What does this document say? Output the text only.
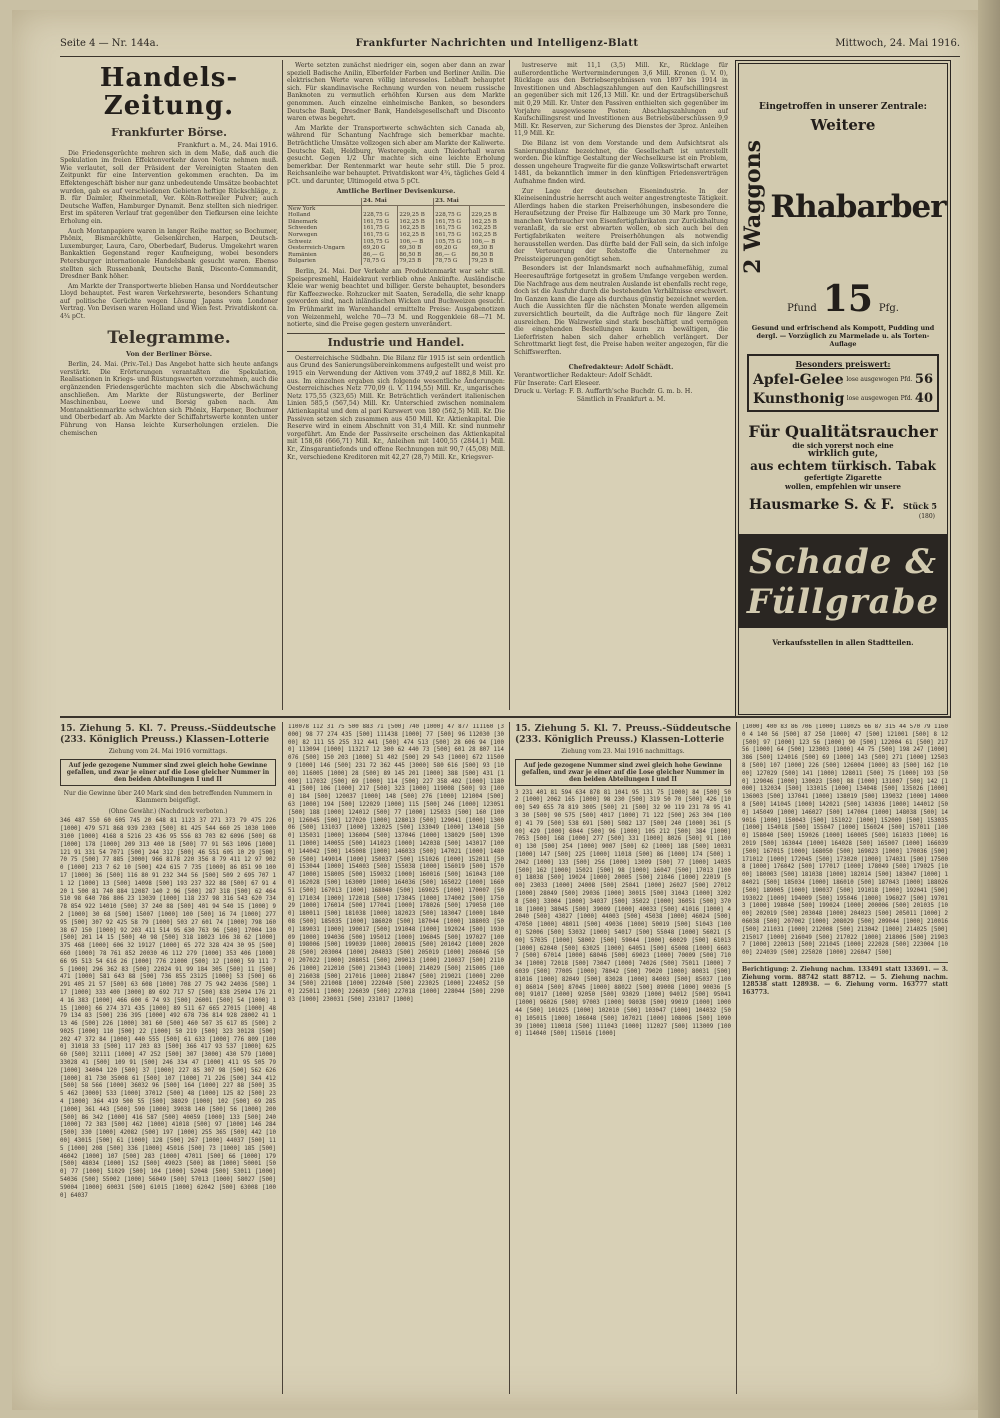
Seite 4 — Nr. 144a.	Frankfurter Nachrichten und Intelligenz-Blatt	Mittwoch, 24. Mai 1916.
Handels-Zeitung.
Frankfurter Börse.
Frankfurt a. M., 24. Mai 1916.

Die Friedensgerüchte mehren sich in dem Maße, daß auch die Spekulation im freien Effektenverkehr davon Notiz nehmen muß. Wie verlautet, soll der Präsident der Vereinigten Staaten den Zeitpunkt für eine Intervention gekommen erachten. Da im Effektengeschäft bisher nur ganz unbedeutende Umsätze beobachtet wurden, gab es auf verschiedenen Gebieten heftige Rückschläge, z. B. für Daimler, Rheinmetall, Ver. Köln-Rottweiler Pulver; auch Deutsche Waffen, Hamburger Dynamit. Benz stellten sich niedriger. Erst im späteren Verlauf trat gegenüber den Tiefkursen eine leichte Erholung ein.

Auch Montanpapiere waren in langer Reihe matter, so Bochumer, Phönix, Bismarckhütte, Gelsenkirchen, Harpen, Deutsch-Luxemburger, Laura, Caro, Oberbedarf, Buderus. Umgekehrt waren Bankaktien Gegenstand reger Kaufneigung, wobei besonders Petersburger internationale Handelsbank gesucht waren. Ebenso stellten sich Russenbank, Deutsche Bank, Disconto-Commandit, Dresdner Bank höher.

Am Markte der Transportwerte blieben Hansa und Norddeutscher Lloyd behauptet. Fest waren Verkehrswerte, besonders Schantung auf politische Gerüchte wegen Lösung Japans vom Londoner Vertrag. Von Devisen waren Holland und Wien fest. Privatdiskont ca. 4¾ pCt.

Telegramme.
Von der Berliner Börse.

Berlin, 24. Mai. (Priv.-Tel.) Das Angebot hatte sich heute anfangs verstärkt. Die Erörterungen verantaßten die Spekulation, Realisationen in Kriegs- und Rüstungswerten vorzunehmen, auch die ergänzenden Friedensgerüchte machten sich die Abschwächung anschließen. Am Markte der Rüstungswerte, der Berliner Maschinenbau, Loewe und Borsig gaben nach. Am Montanaktienmarkte schwächten sich Phönix, Harpener, Bochumer und Oberbedarf ab. Am Markte der Schiffahrtswerte konnten unter Führung von Hansa leichte Kurserholungen erzielen. Die chemischen

Werte setzten zunächst niedriger ein, sogen aber dann an zwar speziell Badische Anilin, Elberfelder Farben und Berliner Anilin. Die elektrischen Werte waren völlig interesselos. Lebhaft behauptet sich. Für skandinavische Rechnung wurden von neuem russische Banknoten zu vermutlich erhöhten Kursen aus dem Markte genommen. Auch einzelne einheimische Banken, so besonders Deutsche Bank, Dresdner Bank, Handelsgesellschaft und Disconto waren etwas begehrt.

Am Markte der Transportwerte schwächten sich Canada ab, während für Schantung Nachfrage sich bemerkbar machte. Beträchtliche Umsätze vollzogen sich aber am Markte der Kaliwerte. Deutsche Kali, Heldburg, Westeregeln, auch Thiederhall waren gesucht. Gegen 1/2 Uhr machte sich eine leichte Erholung bemerkbar. Der Rentenmarkt war heute sehr still. Die 5 proz. Reichsanleihe war behauptet. Privatdiskont war 4¾, tägliches Geld 4 pCt. und darunter, Ultimogeld etwa 5 pCt.

Amtliche Berliner Devisenkurse.
	24. Mai		23. Mai	
New York				
Holland	228,75 G	229,25 B	228,75 G	229,25 B
Dänemark	161,75 G	162,25 B	161,75 G	162,25 B
Schweden	161,75 G	162,25 B	161,75 G	162,25 B
Norwegen	161,75 G	162,25 B	161,75 G	162,25 B
Schweiz	105,75 G	106,— B	105,75 G	106,— B
Oesterreich-Ungarn	69,20 G	69,30 B	69,20 G	69,30 B
Rumänien	86,— G	86,50 B	86,— G	86,50 B
Bulgarien	78,75 G	79,25 B	78,75 G	79,25 B

Berlin, 24. Mai. Der Verkehr am Produktenmarkt war sehr still. Speisepresmehl, Haidekraut verblieb ohne Ankünfte. Ausländische Kleie war wenig beachtet und billiger. Gerste behauptet, besonders für Kaffeezwecke. Rohzucker mit Saaten, Seradella, die sehr knapp geworden sind, nach inländischen Wicken und Buchweizen gesucht. Im Frühmarkt im Warenhandel ermittelte Preise: Ausgabenotizen von Weizenmehl, welche 70—73 M. und Roggenkleie 68—71 M. notierte, sind die Preise gegen gestern unverändert.

Industrie und Handel.

Oesterreichische Südbahn. Die Bilanz für 1915 ist sein ordentlich aus Grund des Sanierungsübereinkommens aufgestellt und weist pro 1915 ein Verwendung der Aktiven vom 3749,2 auf 1882,8 Mill. Kr. aus. Im einzelnen ergaben sich folgende wesentliche Änderungen: Oesterreichisches Netz 770,09 (i. V. 1194,55) Mill. Kr., ungarisches Netz 175,55 (323,65) Mill. Kr. Beträchtlich verändert italienischen Linien 585,5 (567,54) Mill. Kr. Unterschied zwischen nominalem Aktienkapital und dem al pari Kurswert von 180 (562,5) Mill. Kr. Die Passiven setzen sich zusammen aus 450 Mill. Kr. Aktienkapital. Die Reserve wird in einem Abschnitt von 31,4 Mill. Kr. sind nunmehr vorgeführt. Am Ende der Passivseite erscheinen das Aktienkapital mit 158,68 (666,71) Mill. Kr., Anleihen mit 1400,55 (2844,1) Mill. Kr., Zinsgarantiefonds und offene Rechnungen mit 90,7 (45,08) Mill. Kr., verschiedene Kreditoren mit 42,27 (28,7) Mill. Kr., Kriegsver-

lustreserve mit 11,1 (3,5) Mill. Kr., Rücklage für außerordentliche Wertverminderungen 3,6 Mill. Kronen (i. V. 0), Rücklage aus den Betriebsergebnissen von 1897 bis 1914 in Investitionen und Abschlagszahlungen auf den Kaufschillingsrest an gegenüber sich mit 126,13 Mill. Kr. und der Ertragsüberschuß mit 0,29 Mill. Kr. Unter den Passiven enthielten sich gegenüber im Vorjahre ausgewiesene Posten: Abschlagszahlungen auf Kaufschillingsrest und Investitionen aus Betriebsüberschüssen 9,9 Mill. Kr. Reserven, zur Sicherung des Dienstes der 3proz. Anleihen 11,9 Mill. Kr.

Die Bilanz ist von dem Vorstande und dem Aufsichtsrat als Sanierungsbilanz bezeichnet, die Gesellschaft ist unterstellt worden. Die künftige Gestaltung der Wechselkurse ist ein Problem, dessen ungeheure Tragweite für die ganze Volkswirtschaft erwartet 1481, da bekanntlich immer in den künftigen Friedensverträgen Aufnahme finden wird.

Zur Lage der deutschen Eisenindustrie. In der Kleineisenindustrie herrscht auch weiter angestrengteste Tätigkeit. Allerdings haben die starken Preiserhöhungen, insbesondere die Heraufsetzung der Preise für Halbzeuge um 30 Mark pro Tonne, manchen Verbraucher von Eisenfertigfabrikaten zur Zurückhaltung veranlaßt, da sie erst abwarten wollen, ob sich auch bei den Fertigfabrikaten weitere Preiserhöhungen als notwendig herausstellen werden. Das dürfte bald der Fall sein, da sich infolge der Verteuerung der Rohstoffe die Unternehmer zu Preissteigerungen genötigt sehen.

Besonders ist der Inlandsmarkt noch aufnahmefähig, zumal Heeresaufträge fortgesetzt in großem Umfange vergeben werden. Die Nachfrage aus dem neutralen Auslande ist ebenfalls recht rege, doch ist die Ausfuhr durch die bestehenden Verhältnisse erschwert. Im Ganzen kann die Lage als durchaus günstig bezeichnet werden. Auch die Aussichten für die nächsten Monate werden allgemein zuversichtlich beurteilt, da die Aufträge noch für längere Zeit ausreichen. Die Walzwerke sind stark beschäftigt und vermögen die eingehenden Bestellungen kaum zu bewältigen, die Lieferfristen haben sich daher erheblich verlängert. Der Schrottmarkt liegt fest, die Preise haben weiter angezogen, für die Schiffswerften.

Chefredakteur: Adolf Schädt.
Verantwortlicher Redakteur: Adolf Schädt.
Für Inserate: Carl Eleseer.
Druck u. Verlag: F. B. Auffarth'sche Buchdr. G. m. b. H.
Sämtlich in Frankfurt a. M.
Eingetroffen in unserer Zentrale:
Weitere
2 Waggons Rhabarber
Pfund 15 Pfg.
Gesund und erfrischend als Kompott, Pudding und dergl. — Vorzüglich zu Marmelade u. als Torten-Auflage
Besonders preiswert:
Apfel-Gelee lose ausgewogen Pfd. 56
Kunsthonig lose ausgewogen Pfd. 40
Für Qualitätsraucher
die sich vorerst noch eine
wirklich gute,
aus echtem türkisch. Tabak
gefertigte Zigarette
wollen, empfehlen wir unsere
Hausmarke S. & F. Stück 5
(180)
Schade &
Füllgrabe
Verkaufsstellen in allen Stadtteilen.
15. Ziehung 5. Kl. 7. Preuss.-Süddeutsche (233. Königlich Preuss.) Klassen-Lotterie
Ziehung vom 24. Mai 1916 vormittags.
Auf jede gezogene Nummer sind zwei gleich hohe Gewinne gefallen, und zwar je einer auf die Lose gleicher Nummer in den beiden Abteilungen I und II
Nur die Gewinne über 240 Mark sind den betreffenden Nummern in Klammern beigefügt.
(Ohne Gewähr.) (Nachdruck verboten.)
346 487 550 60 605 745 20 648 81 1123 37 271 373 79 475 226 [1000] 479 571 868 939 2303 [500] 81 425 544 660 25 1030 1000 3100 [1000] 4168 8 5216 23 436 95 556 83 703 82 6096 [500] 68 [1000] 178 [1000] 209 313 400 18 [500] 77 91 563 1096 [1000] 121 91 331 54 7071 [500] 244 312 [500] 46 551 605 10 29 [500] 70 75 [500] 77 885 [3000] 966 8178 220 356 8 79 411 12 97 9020 [1000] 213 7 62 10 [500] 424 615 7 735 [1000] 86 851 90 10017 [1000] 36 [500] 116 80 91 232 344 56 [500] 509 2 695 707 11 12 [1000] 13 [500] 14098 [500] 193 237 322 88 [500] 67 91 420 1 500 81 740 884 12087 140 2 96 [500] 287 318 [500] 62 464 510 98 640 786 806 23 13039 [1000] 118 237 98 316 543 620 734 78 854 922 14010 [500] 37 240 88 [500] 401 94 540 15 [1000] 92 [1000] 30 68 [500] 15007 [1000] 100 [500] 16 74 [1000] 277 95 [500] 307 92 425 58 79 [1000] 503 27 601 74 [1000] 798 16038 67 150 [1000] 92 203 411 514 95 630 763 96 [500] 17004 130 [500] 201 14 15 [500] 40 98 [500] 318 18023 106 38 62 [1000] 375 468 [1000] 606 32 19127 [1000] 65 272 328 424 30 95 [500] 660 [1000] 78 761 852 20030 46 112 279 [1000] 353 406 [1000] 66 95 513 54 616 26 [1000] 776 21000 [500] 12 [1000] 59 111 75 [1000] 296 362 83 [500] 22024 91 99 184 305 [500] 11 [500] 471 [1000] 581 643 88 [500] 736 855 23125 [1000] 53 [500] 66 291 405 21 57 [500] 63 608 [1000] 708 27 75 942 24036 [500] 117 [1000] 333 400 [3000] 89 692 717 57 [500] 838 25094 176 214 16 383 [1000] 466 600 6 74 93 [500] 26001 [500] 54 [1000] 115 [1000] 66 274 371 435 [1000] 89 511 67 665 27015 [1000] 48 79 134 83 [500] 236 395 [1000] 492 678 736 814 928 28002 41 113 46 [500] 226 [1000] 301 60 [500] 460 507 35 617 85 [500] 29025 [1000] 110 [500] 22 [1000] 50 219 [500] 323 30128 [500] 202 47 372 84 [1000] 440 555 [500] 61 633 [1000] 776 809 [1000] 31018 33 [500] 117 203 83 [500] 366 417 93 537 [1000] 625 60 [500] 32111 [1000] 47 252 [500] 307 [3000] 430 579 [1000] 33028 41 [500] 109 91 [500] 246 334 47 [1000] 411 95 505 79 [1000] 34004 120 [500] 37 [1000] 227 85 307 98 [500] 562 626 [1000] 81 730 35008 61 [500] 107 [1000] 71 226 [500] 344 412 [500] 58 566 [1000] 36032 96 [500] 164 [1000] 227 88 [500] 355 462 [3000] 533 [1000] 37012 [500] 48 [1000] 125 82 [500] 234 [1000] 364 419 500 55 [500] 38029 [1000] 102 [500] 69 285 [1000] 361 443 [500] 590 [1000] 39038 140 [500] 56 [1000] 200 [500] 86 342 [1000] 416 587 [500] 40059 [1000] 133 [500] 240 [1000] 72 383 [500] 462 [1000] 41018 [500] 97 [1000] 146 284 [500] 330 [1000] 42082 [500] 197 [1000] 255 365 [500] 442 [1000] 43015 [500] 61 [1000] 128 [500] 267 [1000] 44037 [500] 115 [1000] 208 [500] 336 [1000] 45016 [500] 73 [1000] 185 [500] 46042 [1000] 107 [500] 283 [1000] 47011 [500] 66 [1000] 179 [500] 48034 [1000] 152 [500] 49023 [500] 88 [1000] 50001 [500] 77 [1000] 51029 [500] 104 [1000] 52048 [500] 53011 [1000] 54036 [500] 55002 [1000] 56049 [500] 57013 [1000] 58027 [500] 59004 [1000] 60031 [500] 61015 [1000] 62042 [500] 63008 [1000] 64037
110078 112 31 75 500 883 71 [500] 740 [1000] 47 877 111160 [3000] 98 77 274 435 [500] 111438 [1000] 77 [500] 96 112030 [3000] 82 111 55 255 312 441 [500] 474 513 [500] 28 606 94 [1000] 113094 [1000] 113217 12 300 62 440 73 [500] 601 28 807 114076 [500] 150 203 [1000] 51 402 [500] 29 543 [1000] 672 115009 [1000] 146 [500] 231 72 362 445 [3000] 580 616 [500] 93 [1000] 116005 [1000] 28 [500] 89 145 201 [1000] 388 [500] 431 [1000] 117032 [500] 69 [1000] 114 [500] 227 358 402 [1000] 118041 [500] 106 [1000] 217 [500] 323 [1000] 119008 [500] 93 [1000] 184 [500] 120037 [1000] 148 [500] 276 [1000] 121004 [500] 63 [1000] 194 [500] 122029 [1000] 115 [500] 246 [1000] 123051 [500] 188 [1000] 124012 [500] 77 [1000] 125033 [500] 160 [1000] 126045 [500] 127020 [1000] 128013 [500] 129041 [1000] 130006 [500] 131037 [1000] 132025 [500] 133049 [1000] 134018 [500] 135031 [1000] 136004 [500] 137046 [1000] 138029 [500] 139011 [1000] 140055 [500] 141023 [1000] 142038 [500] 143017 [1000] 144042 [500] 145008 [1000] 146033 [500] 147021 [1000] 148050 [500] 149014 [1000] 150037 [500] 151026 [1000] 152011 [500] 153044 [1000] 154003 [500] 155038 [1000] 156019 [500] 157047 [1000] 158005 [500] 159032 [1000] 160016 [500] 161043 [1000] 162028 [500] 163009 [1000] 164036 [500] 165022 [1000] 166051 [500] 167013 [1000] 168040 [500] 169025 [1000] 170007 [500] 171034 [1000] 172018 [500] 173045 [1000] 174002 [500] 175029 [1000] 176014 [500] 177041 [1000] 178026 [500] 179050 [1000] 180011 [500] 181038 [1000] 182023 [500] 183047 [1000] 184008 [500] 185035 [1000] 186020 [500] 187044 [1000] 188003 [500] 189031 [1000] 190017 [500] 191048 [1000] 192024 [500] 193009 [1000] 194036 [500] 195012 [1000] 196045 [500] 197027 [1000] 198006 [500] 199039 [1000] 200015 [500] 201042 [1000] 202028 [500] 203004 [1000] 204033 [500] 205019 [1000] 206046 [500] 207022 [1000] 208051 [500] 209013 [1000] 210037 [500] 211026 [1000] 212010 [500] 213043 [1000] 214029 [500] 215005 [1000] 216038 [500] 217016 [1000] 218047 [500] 219021 [1000] 220034 [500] 221008 [1000] 222040 [500] 223025 [1000] 224052 [500] 225011 [1000] 226039 [500] 227018 [1000] 228044 [500] 229003 [1000] 230031 [500] 231017 [1000]
15. Ziehung 5. Kl. 7. Preuss.-Süddeutsche (233. Königlich Preuss.) Klassen-Lotterie
Ziehung vom 23. Mai 1916 nachmittags.
Auf jede gezogene Nummer sind zwei gleich hohe Gewinne gefallen, und zwar je einer auf die Lose gleicher Nummer in den beiden Abteilungen I und II
3 231 401 81 594 634 878 81 1041 95 131 75 [1000] 84 [500] 502 [1000] 2062 165 [1000] 98 230 [500] 319 50 70 [500] 426 [1000] 549 655 78 819 3005 [500] 21 [500] 32 90 119 231 78 95 413 30 [500] 90 575 [500] 4017 [1000] 71 122 [500] 263 304 [1000] 41 79 [500] 538 691 [500] 5082 137 [500] 240 [1000] 361 [500] 429 [1000] 6044 [500] 96 [1000] 105 212 [500] 384 [1000] 7053 [500] 168 [1000] 277 [500] 331 [1000] 8026 [500] 91 [1000] 130 [500] 254 [1000] 9007 [500] 62 [1000] 188 [500] 10031 [1000] 147 [500] 225 [1000] 11018 [500] 86 [1000] 174 [500] 12042 [1000] 133 [500] 256 [1000] 13009 [500] 77 [1000] 14035 [500] 162 [1000] 15021 [500] 98 [1000] 16047 [500] 17013 [1000] 18038 [500] 19024 [1000] 20005 [500] 21046 [1000] 22019 [500] 23033 [1000] 24008 [500] 25041 [1000] 26027 [500] 27012 [1000] 28049 [500] 29036 [1000] 30015 [500] 31043 [1000] 32028 [500] 33004 [1000] 34037 [500] 35022 [1000] 36051 [500] 37018 [1000] 38045 [500] 39009 [1000] 40033 [500] 41016 [1000] 42040 [500] 43027 [1000] 44003 [500] 45038 [1000] 46024 [500] 47050 [1000] 48011 [500] 49036 [1000] 50019 [500] 51043 [1000] 52006 [500] 53032 [1000] 54017 [500] 55048 [1000] 56021 [500] 57035 [1000] 58002 [500] 59044 [1000] 60029 [500] 61013 [1000] 62040 [500] 63025 [1000] 64051 [500] 65008 [1000] 66037 [500] 67014 [1000] 68046 [500] 69023 [1000] 70009 [500] 71034 [1000] 72018 [500] 73047 [1000] 74026 [500] 75011 [1000] 76039 [500] 77005 [1000] 78042 [500] 79020 [1000] 80031 [500] 81016 [1000] 82049 [500] 83028 [1000] 84003 [500] 85037 [1000] 86014 [500] 87045 [1000] 88022 [500] 89008 [1000] 90036 [500] 91017 [1000] 92050 [500] 93029 [1000] 94012 [500] 95041 [1000] 96026 [500] 97003 [1000] 98038 [500] 99019 [1000] 100044 [500] 101025 [1000] 102010 [500] 103047 [1000] 104032 [500] 105015 [1000] 106048 [500] 107021 [1000] 108006 [500] 109039 [1000] 110018 [500] 111043 [1000] 112027 [500] 113009 [1000] 114040 [500] 115016 [1000]
[1000] 400 83 86 706 [1000] 118025 66 87 315 44 570 79 11600 4 140 56 [500] 87 250 [1000] 47 [500] 121001 [500] 8 12 [500] 97 [1000] 123 56 [1000] 90 [500] 122004 61 [500] 217 56 [1000] 64 [500] 123003 [1000] 44 75 [500] 198 247 [1000] 386 [500] 124016 [500] 69 [1000] 143 [500] 271 [1000] 125038 [500] 107 [1000] 226 [500] 126004 [1000] 83 [500] 162 [1000] 127029 [500] 141 [1000] 128011 [500] 75 [1000] 193 [500] 129046 [1000] 130023 [500] 88 [1000] 131007 [500] 142 [1000] 132034 [500] 133015 [1000] 134048 [500] 135026 [1000] 136003 [500] 137041 [1000] 138019 [500] 139032 [1000] 140008 [500] 141045 [1000] 142021 [500] 143036 [1000] 144012 [500] 145049 [1000] 146027 [500] 147004 [1000] 148038 [500] 149016 [1000] 150043 [500] 151022 [1000] 152009 [500] 153035 [1000] 154018 [500] 155047 [1000] 156024 [500] 157011 [1000] 158040 [500] 159026 [1000] 160005 [500] 161033 [1000] 162019 [500] 163044 [1000] 164028 [500] 165007 [1000] 166039 [500] 167015 [1000] 168050 [500] 169023 [1000] 170036 [500] 171012 [1000] 172045 [500] 173020 [1000] 174031 [500] 175008 [1000] 176042 [500] 177017 [1000] 178049 [500] 179025 [1000] 180003 [500] 181038 [1000] 182014 [500] 183047 [1000] 184021 [500] 185034 [1000] 186010 [500] 187043 [1000] 188026 [500] 189005 [1000] 190037 [500] 191018 [1000] 192041 [500] 193022 [1000] 194009 [500] 195046 [1000] 196027 [500] 197013 [1000] 198040 [500] 199024 [1000] 200006 [500] 201035 [1000] 202019 [500] 203048 [1000] 204023 [500] 205011 [1000] 206038 [500] 207002 [1000] 208029 [500] 209044 [1000] 210016 [500] 211031 [1000] 212008 [500] 213042 [1000] 214025 [500] 215017 [1000] 216049 [500] 217022 [1000] 218006 [500] 219037 [1000] 220013 [500] 221045 [1000] 222028 [500] 223004 [1000] 224039 [500] 225020 [1000] 226047 [500]
Berichtigung: 2. Ziehung nachm. 133491 statt 133691. — 3. Ziehung vorm. 88742 statt 88712. — 5. Ziehung nachm. 128538 statt 128938. — 6. Ziehung vorm. 163777 statt 163773.
